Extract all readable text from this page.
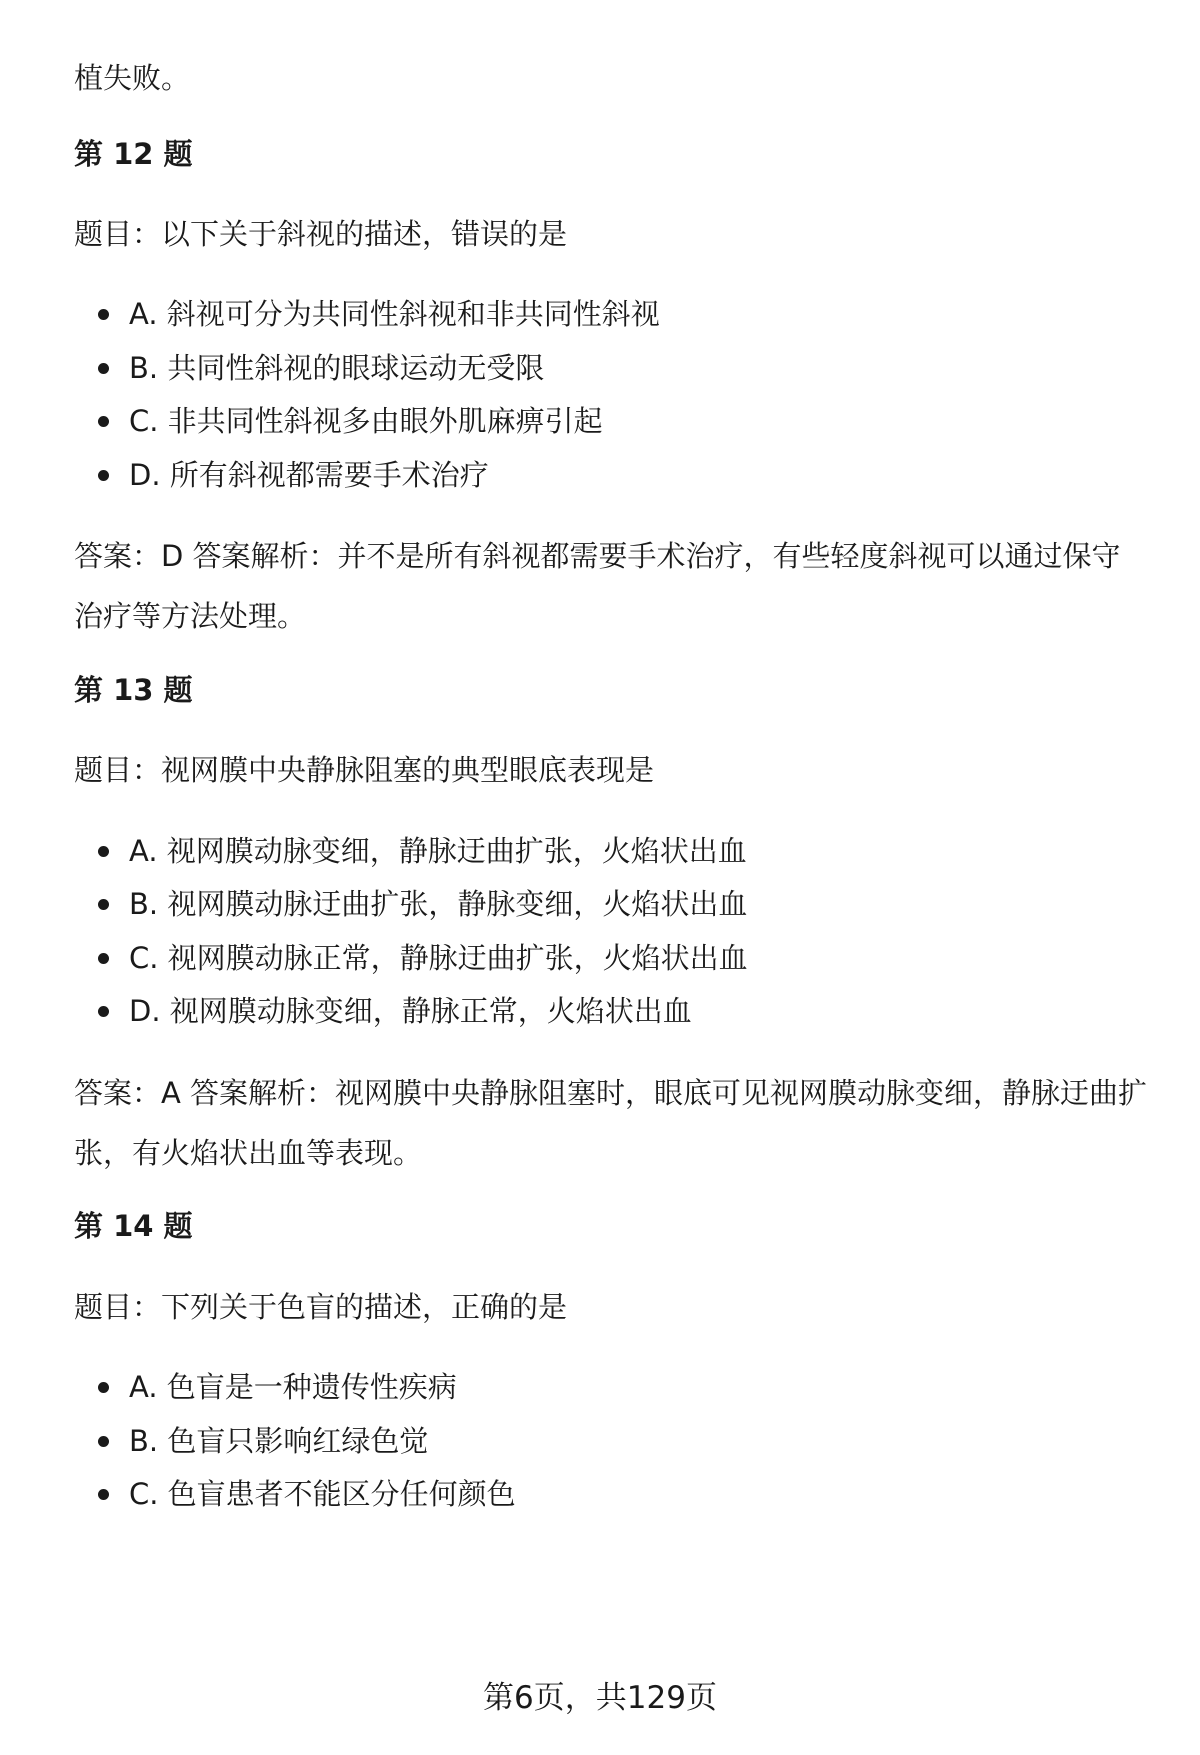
植失败。
第 12 题
题目：以下关于斜视的描述，错误的是
A. 斜视可分为共同性斜视和非共同性斜视
B. 共同性斜视的眼球运动无受限
C. 非共同性斜视多由眼外肌麻痹引起
D. 所有斜视都需要手术治疗
答案：D 答案解析：并不是所有斜视都需要手术治疗，有些轻度斜视可以通过保守治疗等方法处理。
第 13 题
题目：视网膜中央静脉阻塞的典型眼底表现是
A. 视网膜动脉变细，静脉迂曲扩张，火焰状出血
B. 视网膜动脉迂曲扩张，静脉变细，火焰状出血
C. 视网膜动脉正常，静脉迂曲扩张，火焰状出血
D. 视网膜动脉变细，静脉正常，火焰状出血
答案：A 答案解析：视网膜中央静脉阻塞时，眼底可见视网膜动脉变细，静脉迂曲扩张，有火焰状出血等表现。
第 14 题
题目：下列关于色盲的描述，正确的是
A. 色盲是一种遗传性疾病
B. 色盲只影响红绿色觉
C. 色盲患者不能区分任何颜色
第6页，共129页
